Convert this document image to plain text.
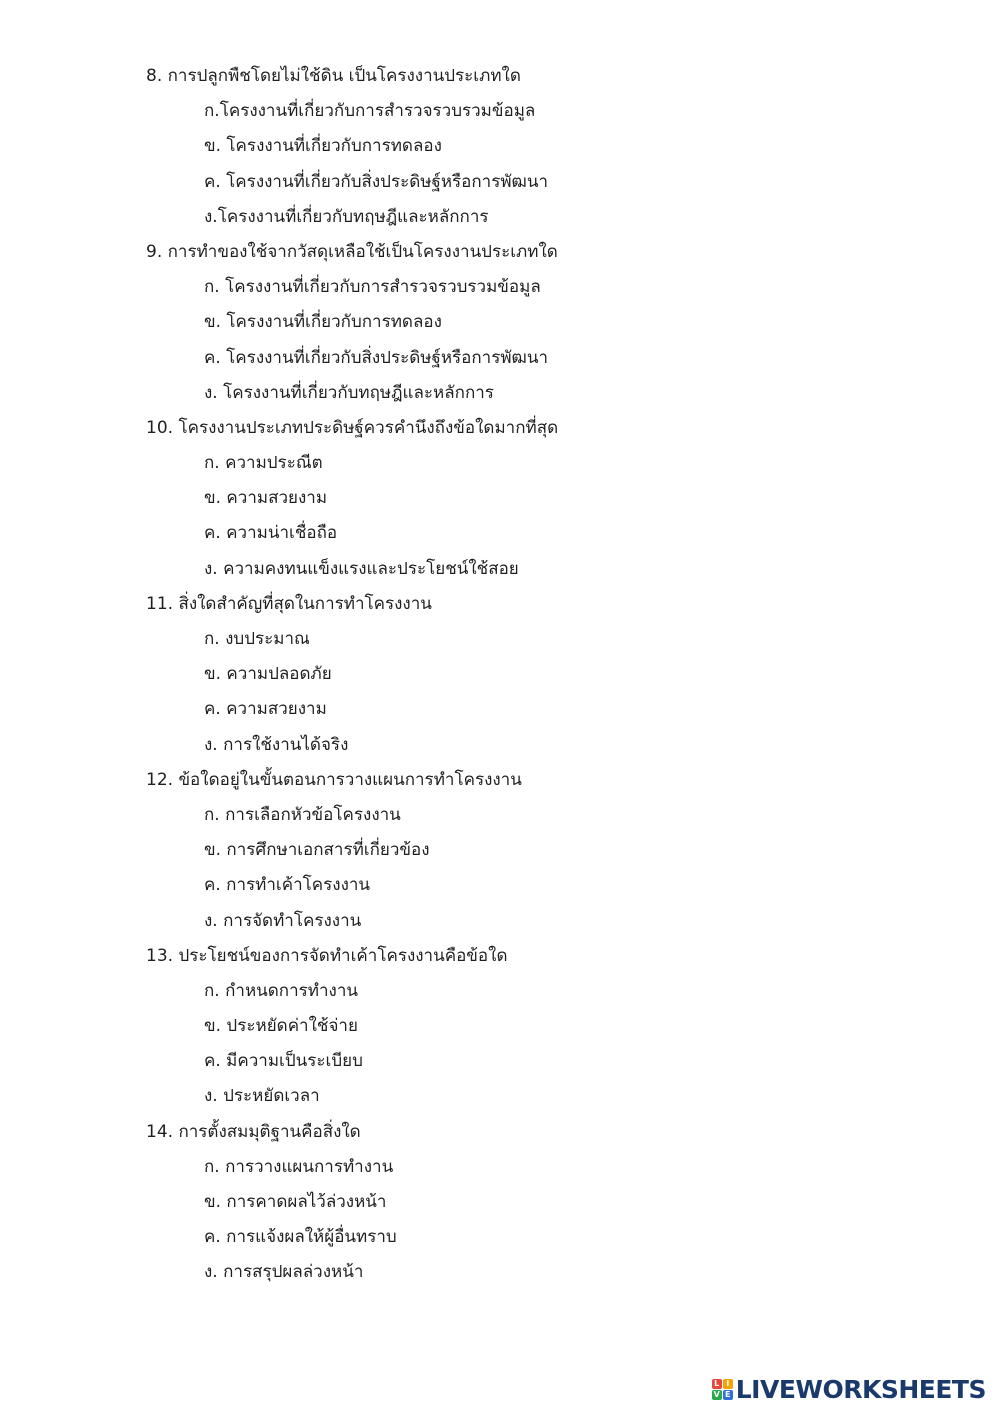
8. การปลูกพืชโดยไม่ใช้ดิน เป็นโครงงานประเภทใด
ก.โครงงานที่เกี่ยวกับการสำรวจรวบรวมข้อมูล
ข. โครงงานที่เกี่ยวกับการทดลอง
ค. โครงงานที่เกี่ยวกับสิ่งประดิษฐ์หรือการพัฒนา
ง.โครงงานที่เกี่ยวกับทฤษฎีและหลักการ
9. การทำของใช้จากวัสดุเหลือใช้เป็นโครงงานประเภทใด
ก. โครงงานที่เกี่ยวกับการสำรวจรวบรวมข้อมูล
ข. โครงงานที่เกี่ยวกับการทดลอง
ค. โครงงานที่เกี่ยวกับสิ่งประดิษฐ์หรือการพัฒนา
ง. โครงงานที่เกี่ยวกับทฤษฎีและหลักการ
10. โครงงานประเภทประดิษฐ์ควรคำนึงถึงข้อใดมากที่สุด
ก. ความประณีต
ข. ความสวยงาม
ค. ความน่าเชื่อถือ
ง. ความคงทนแข็งแรงและประโยชน์ใช้สอย
11. สิ่งใดสำคัญที่สุดในการทำโครงงาน
ก. งบประมาณ
ข. ความปลอดภัย
ค. ความสวยงาม
ง. การใช้งานได้จริง
12. ข้อใดอยู่ในขั้นตอนการวางแผนการทำโครงงาน
ก. การเลือกหัวข้อโครงงาน
ข. การศึกษาเอกสารที่เกี่ยวข้อง
ค. การทำเค้าโครงงาน
ง. การจัดทำโครงงาน
13. ประโยชน์ของการจัดทำเค้าโครงงานคือข้อใด
ก. กำหนดการทำงาน
ข. ประหยัดค่าใช้จ่าย
ค. มีความเป็นระเบียบ
ง. ประหยัดเวลา
14. การตั้งสมมุติฐานคือสิ่งใด
ก. การวางแผนการทำงาน
ข. การคาดผลไว้ล่วงหน้า
ค. การแจ้งผลให้ผู้อื่นทราบ
ง. การสรุปผลล่วงหน้า
L I
V E LIVEWORKSHEETS
